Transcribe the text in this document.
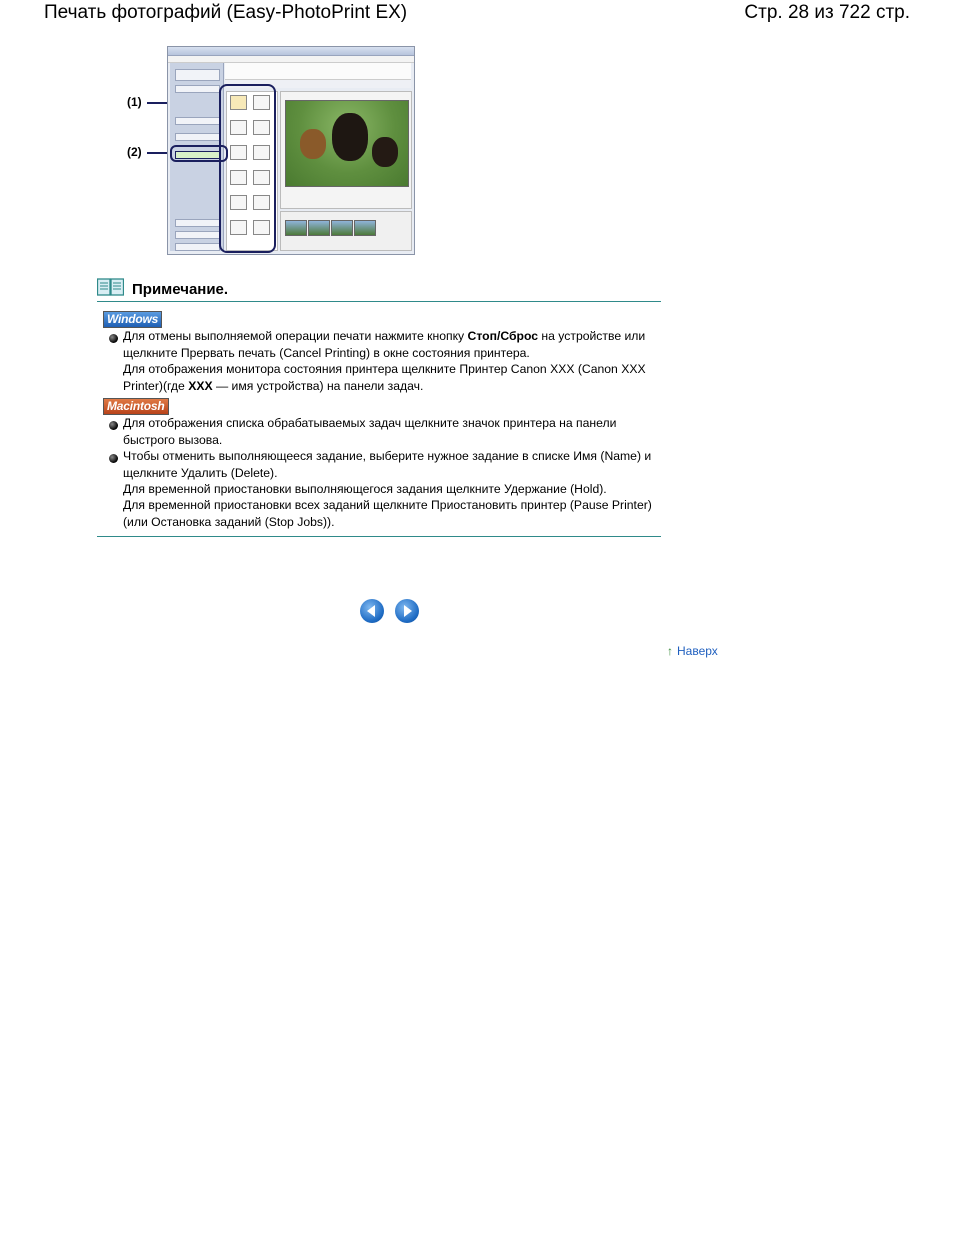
Печать фотографий (Easy-PhotoPrint EX)	Стр. 28 из 722 стр.
(1)
(2)
Примечание.
Windows
Для отмены выполняемой операции печати нажмите кнопку Стоп/Сброс на устройстве или щелкните Прервать печать (Cancel Printing) в окне состояния принтера.
Для отображения монитора состояния принтера щелкните Принтер Canon XXX (Canon XXX Printer)(где XXX — имя устройства) на панели задач.
Macintosh
Для отображения списка обрабатываемых задач щелкните значок принтера на панели быстрого вызова.
Чтобы отменить выполняющееся задание, выберите нужное задание в списке Имя (Name) и щелкните Удалить (Delete).
Для временной приостановки выполняющегося задания щелкните Удержание (Hold).
Для временной приостановки всех заданий щелкните Приостановить принтер (Pause Printer) (или Остановка заданий (Stop Jobs)).
↑ Наверх
